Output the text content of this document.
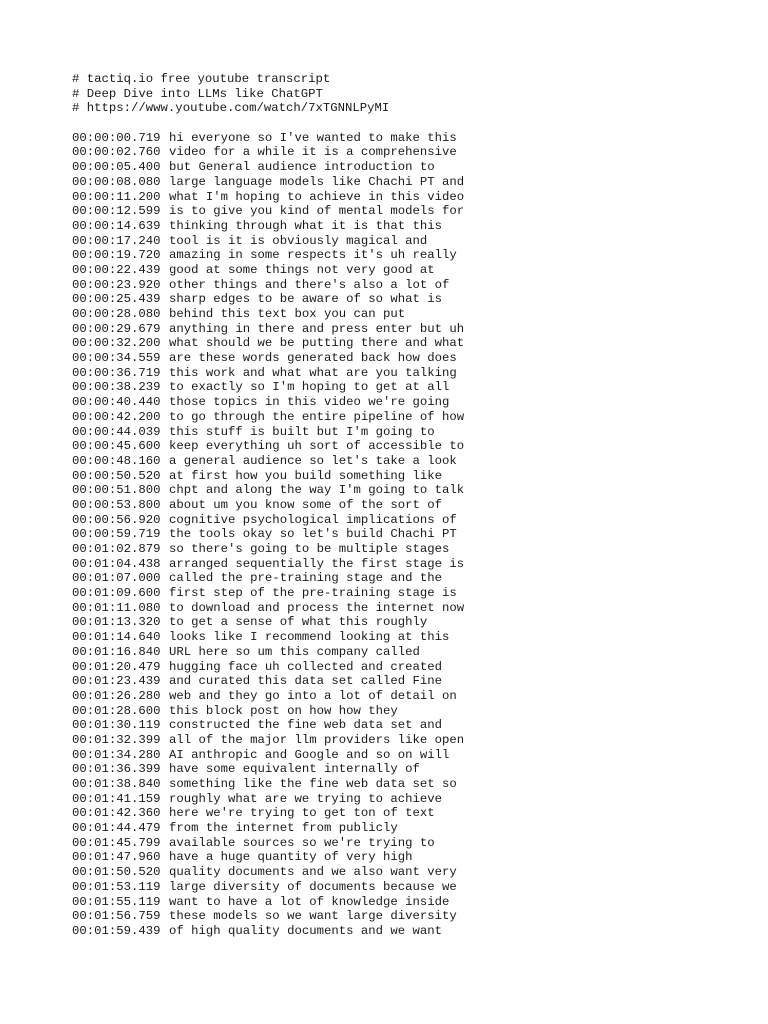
# tactiq.io free youtube transcript
# Deep Dive into LLMs like ChatGPT
# https://www.youtube.com/watch/7xTGNNLPyMI
00:00:00.719 hi everyone so I've wanted to make this
00:00:02.760 video for a while it is a comprehensive
00:00:05.400 but General audience introduction to
00:00:08.080 large language models like Chachi PT and
00:00:11.200 what I'm hoping to achieve in this video
00:00:12.599 is to give you kind of mental models for
00:00:14.639 thinking through what it is that this
00:00:17.240 tool is it is obviously magical and
00:00:19.720 amazing in some respects it's uh really
00:00:22.439 good at some things not very good at
00:00:23.920 other things and there's also a lot of
00:00:25.439 sharp edges to be aware of so what is
00:00:28.080 behind this text box you can put
00:00:29.679 anything in there and press enter but uh
00:00:32.200 what should we be putting there and what
00:00:34.559 are these words generated back how does
00:00:36.719 this work and what what are you talking
00:00:38.239 to exactly so I'm hoping to get at all
00:00:40.440 those topics in this video we're going
00:00:42.200 to go through the entire pipeline of how
00:00:44.039 this stuff is built but I'm going to
00:00:45.600 keep everything uh sort of accessible to
00:00:48.160 a general audience so let's take a look
00:00:50.520 at first how you build something like
00:00:51.800 chpt and along the way I'm going to talk
00:00:53.800 about um you know some of the sort of
00:00:56.920 cognitive psychological implications of
00:00:59.719 the tools okay so let's build Chachi PT
00:01:02.879 so there's going to be multiple stages
00:01:04.438 arranged sequentially the first stage is
00:01:07.000 called the pre-training stage and the
00:01:09.600 first step of the pre-training stage is
00:01:11.080 to download and process the internet now
00:01:13.320 to get a sense of what this roughly
00:01:14.640 looks like I recommend looking at this
00:01:16.840 URL here so um this company called
00:01:20.479 hugging face uh collected and created
00:01:23.439 and curated this data set called Fine
00:01:26.280 web and they go into a lot of detail on
00:01:28.600 this block post on how how they
00:01:30.119 constructed the fine web data set and
00:01:32.399 all of the major llm providers like open
00:01:34.280 AI anthropic and Google and so on will
00:01:36.399 have some equivalent internally of
00:01:38.840 something like the fine web data set so
00:01:41.159 roughly what are we trying to achieve
00:01:42.360 here we're trying to get ton of text
00:01:44.479 from the internet from publicly
00:01:45.799 available sources so we're trying to
00:01:47.960 have a huge quantity of very high
00:01:50.520 quality documents and we also want very
00:01:53.119 large diversity of documents because we
00:01:55.119 want to have a lot of knowledge inside
00:01:56.759 these models so we want large diversity
00:01:59.439 of high quality documents and we want
